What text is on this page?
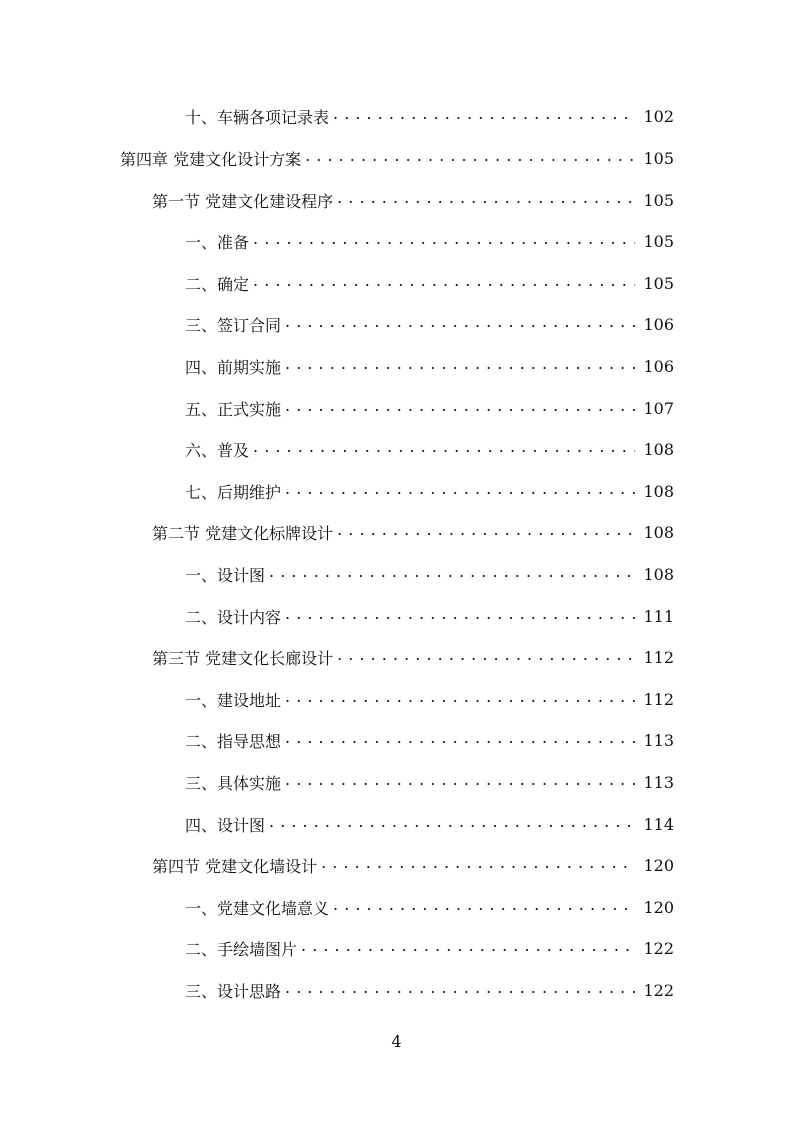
十、车辆各项记录表 . . .	102
第四章 党建文化设计方案 . . .	105
第一节 党建文化建设程序 . . .	105
一、准备 . . .	105
二、确定 . . .	105
三、签订合同 . . .	106
四、前期实施 . . .	106
五、正式实施 . . .	107
六、普及 . . .	108
七、后期维护 . . .	108
第二节 党建文化标牌设计 . . .	108
一、设计图 . . .	108
二、设计内容 . . .	111
第三节 党建文化长廊设计 . . .	112
一、建设地址 . . .	112
二、指导思想 . . .	113
三、具体实施 . . .	113
四、设计图 . . .	114
第四节 党建文化墙设计 . . .	120
一、党建文化墙意义 . . .	120
二、手绘墙图片 . . .	122
三、设计思路 . . .	122
4
